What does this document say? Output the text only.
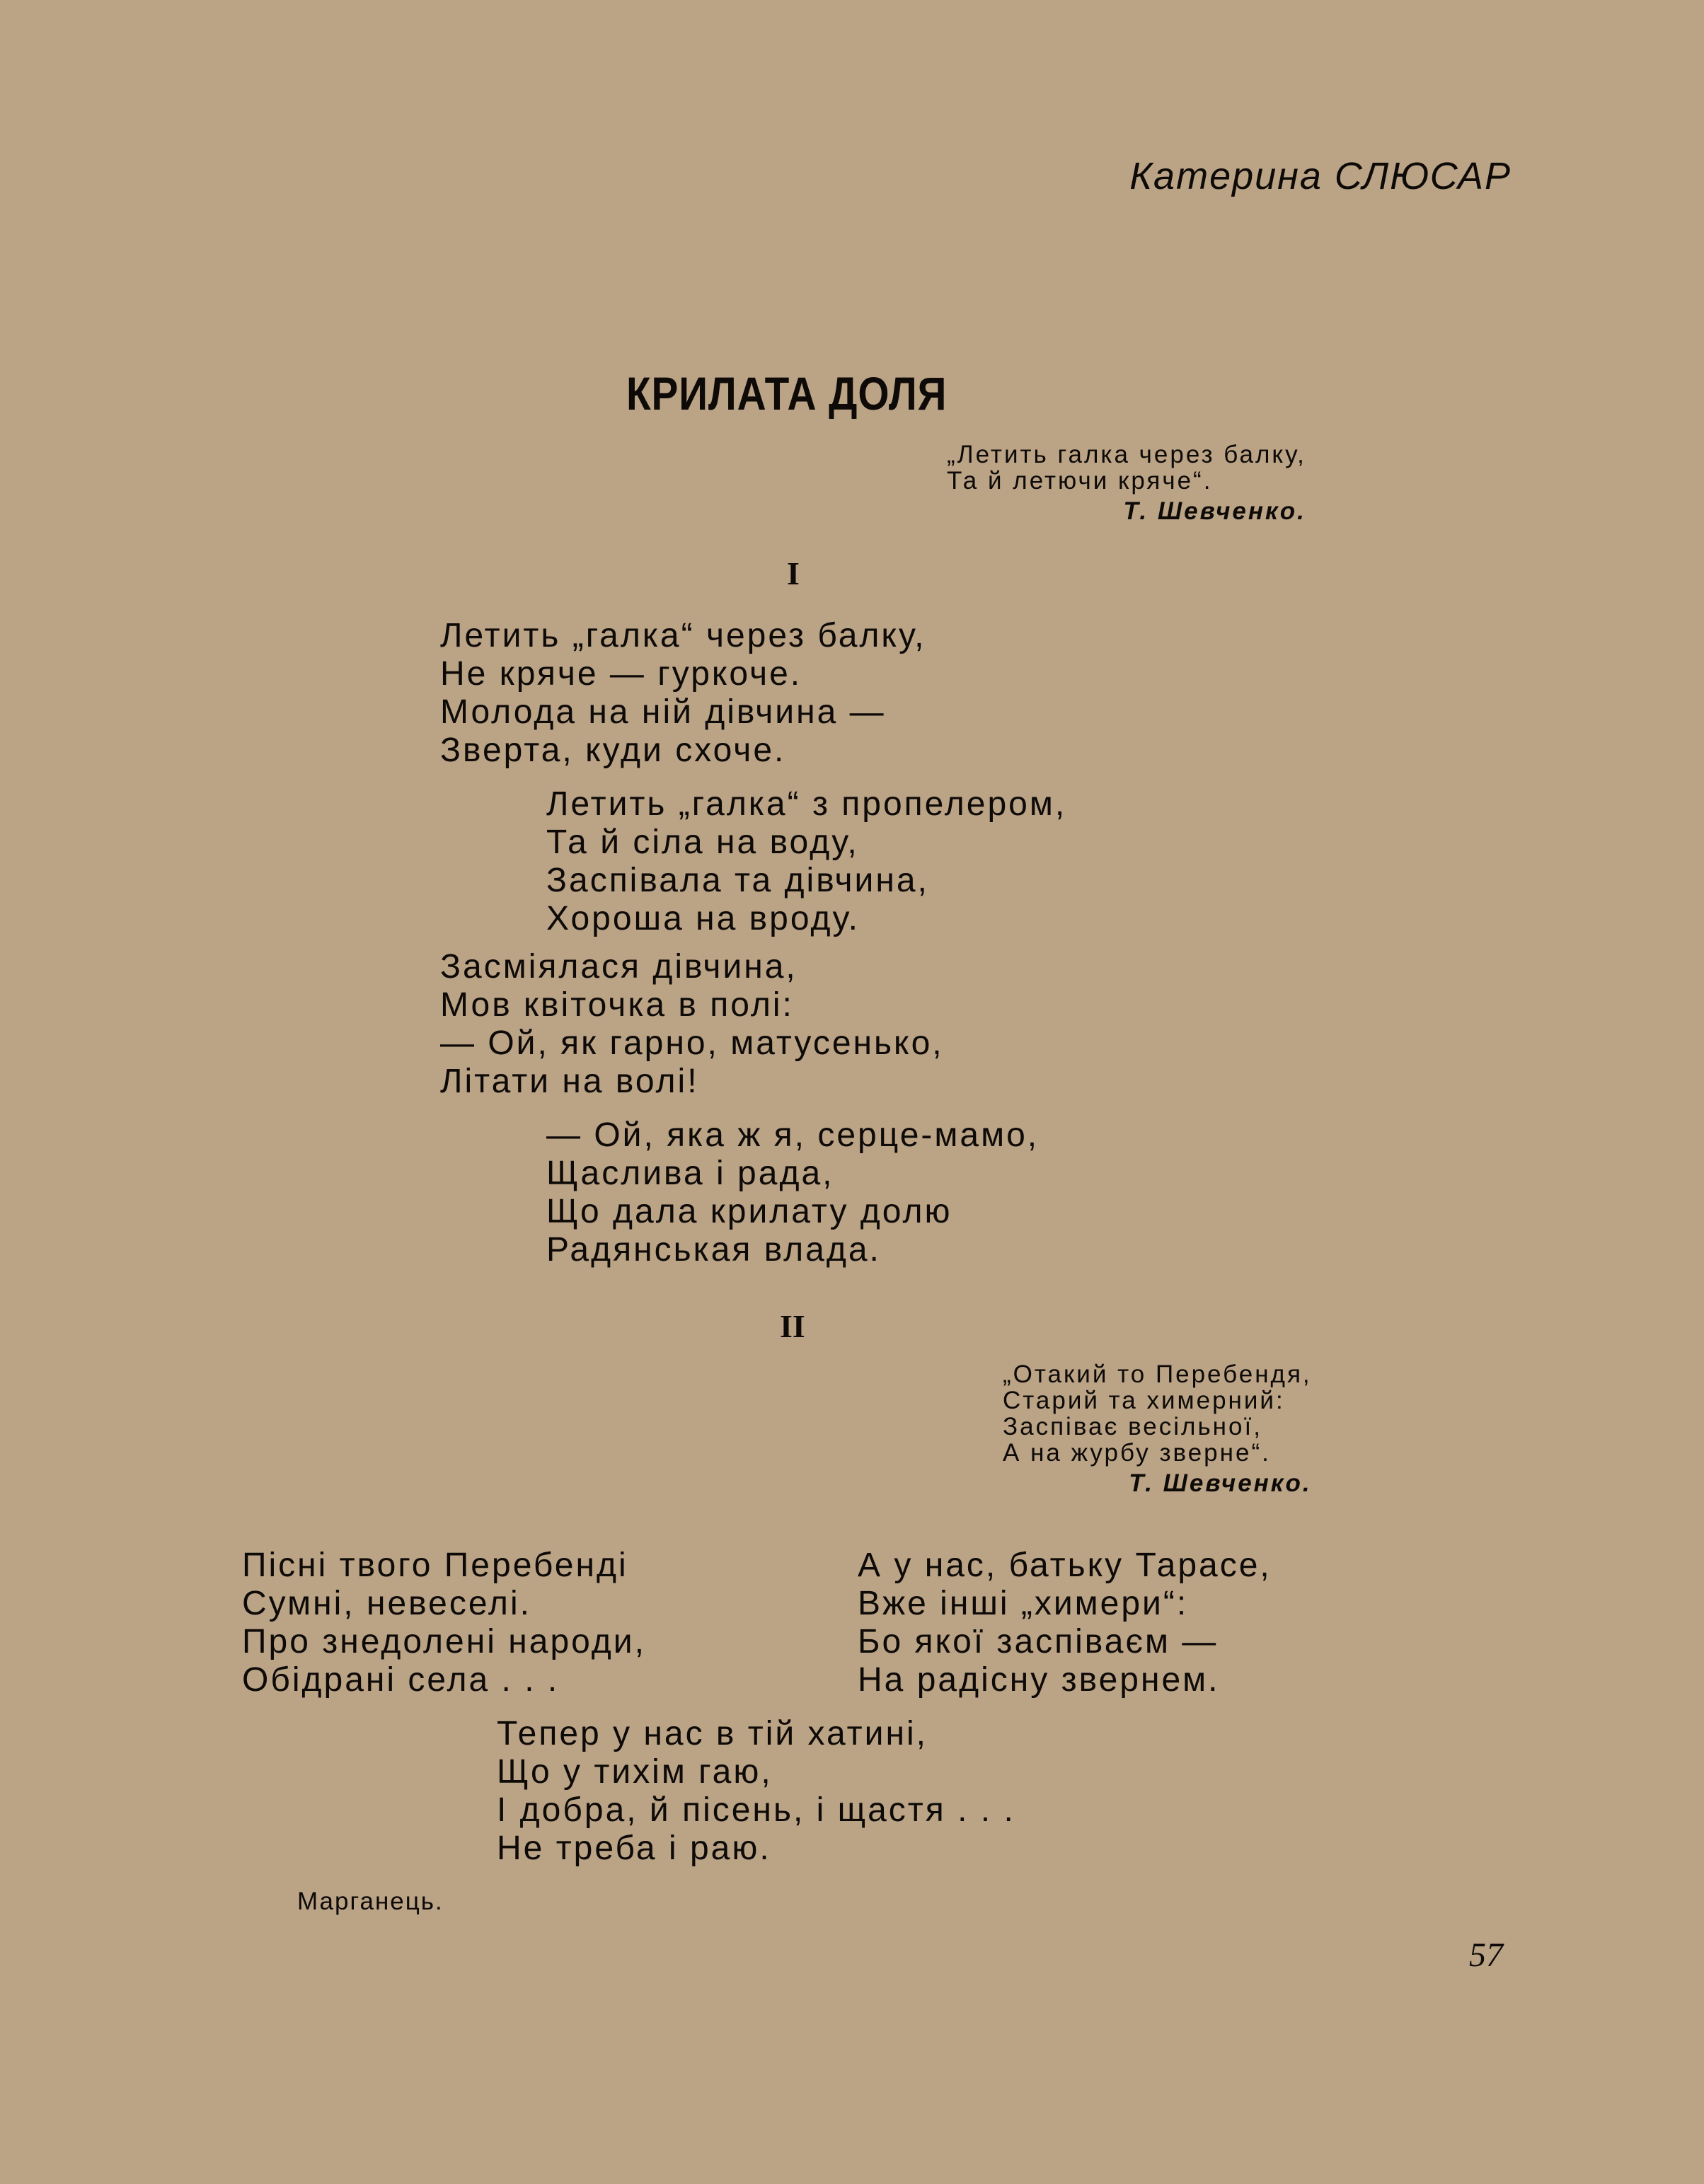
Катерина СЛЮСАР
КРИЛАТА ДОЛЯ
„Летить галка через балку,
Та й летючи кряче“.
Т. Шевченко.
I
Летить „галка“ через балку,
Не кряче — гуркоче.
Молода на ній дівчина —
Зверта, куди схоче.
Летить „галка“ з пропелером,
Та й сіла на воду,
Заспівала та дівчина,
Хороша на вроду.
Засміялася дівчина,
Мов квіточка в полі:
— Ой, як гарно, матусенько,
Літати на волі!
— Ой, яка ж я, серце-мамо,
Щаслива і рада,
Що дала крилату долю
Радянськая влада.
II
„Отакий то Перебендя,
Старий та химерний:
Заспіває весільної,
А на журбу зверне“.
Т. Шевченко.
Пісні твого Перебенді
Сумні, невеселі.
Про знедолені народи,
Обідрані села . . .
А у нас, батьку Тарасе,
Вже інші „химери“:
Бо якої заспіваєм —
На радісну звернем.
Тепер у нас в тій хатині,
Що у тихім гаю,
І добра, й пісень, і щастя . . .
Не треба і раю.
Марганець.
57
